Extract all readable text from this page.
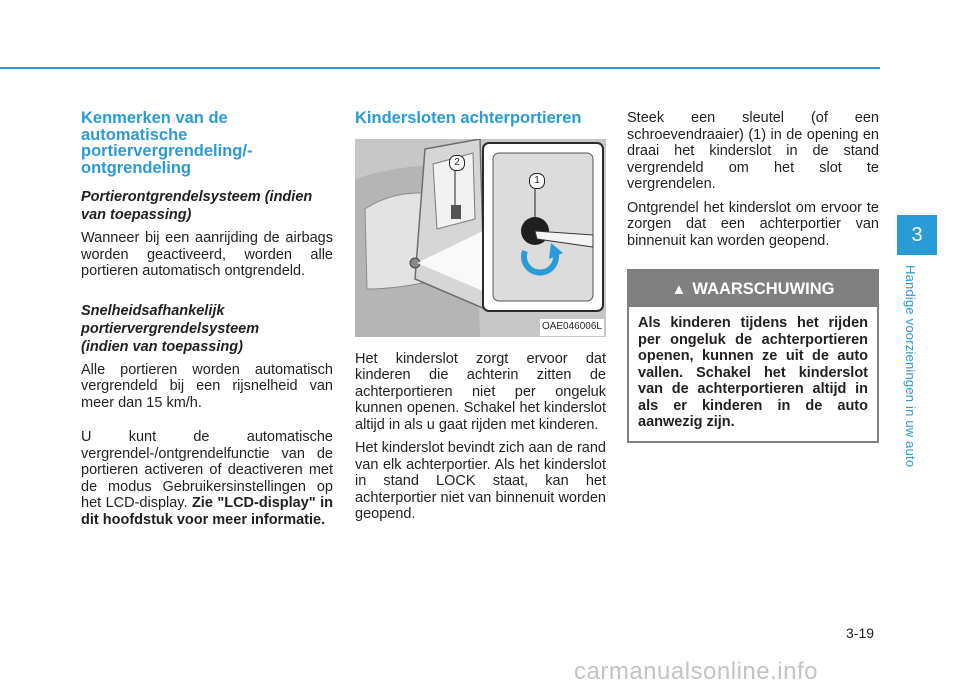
Kenmerken van de automatische portiervergrendeling/- ontgrendeling
Portierontgrendelsysteem (indien van toepassing)

Wanneer bij een aanrijding de airbags worden geactiveerd, worden alle portieren automatisch ontgrendeld.

Snelheidsafhankelijk
portiervergrendelsysteem
(indien van toepassing)

Alle portieren worden automatisch vergrendeld bij een rijsnelheid van meer dan 15 km/h.

U kunt de automatische vergrendel-/ontgrendelfunctie van de portieren activeren of deactiveren met de modus Gebruikersinstellingen op het LCD-display. Zie "LCD-display" in dit hoofdstuk voor meer informatie.

Kindersloten achterportieren
1
2
OAE046006L

Het kinderslot zorgt ervoor dat kinderen die achterin zitten de achterportieren niet per ongeluk kunnen openen. Schakel het kinderslot altijd in als u gaat rijden met kinderen.

Het kinderslot bevindt zich aan de rand van elk achterportier. Als het kinderslot in stand LOCK staat, kan het achterportier niet van binnenuit worden geopend.

Steek een sleutel (of een schroevendraaier) (1) in de opening en draai het kinderslot in de stand vergrendeld om het slot te vergrendelen.

Ontgrendel het kinderslot om ervoor te zorgen dat een achterportier van binnenuit kan worden geopend.

▲ WAARSCHUWING
Als kinderen tijdens het rijden per ongeluk de achterportieren openen, kunnen ze uit de auto vallen. Schakel het kinderslot van de achterportieren altijd in als er kinderen in de auto aanwezig zijn.
3
Handige voorzieningen in uw auto
3-19
carmanualsonline.info
